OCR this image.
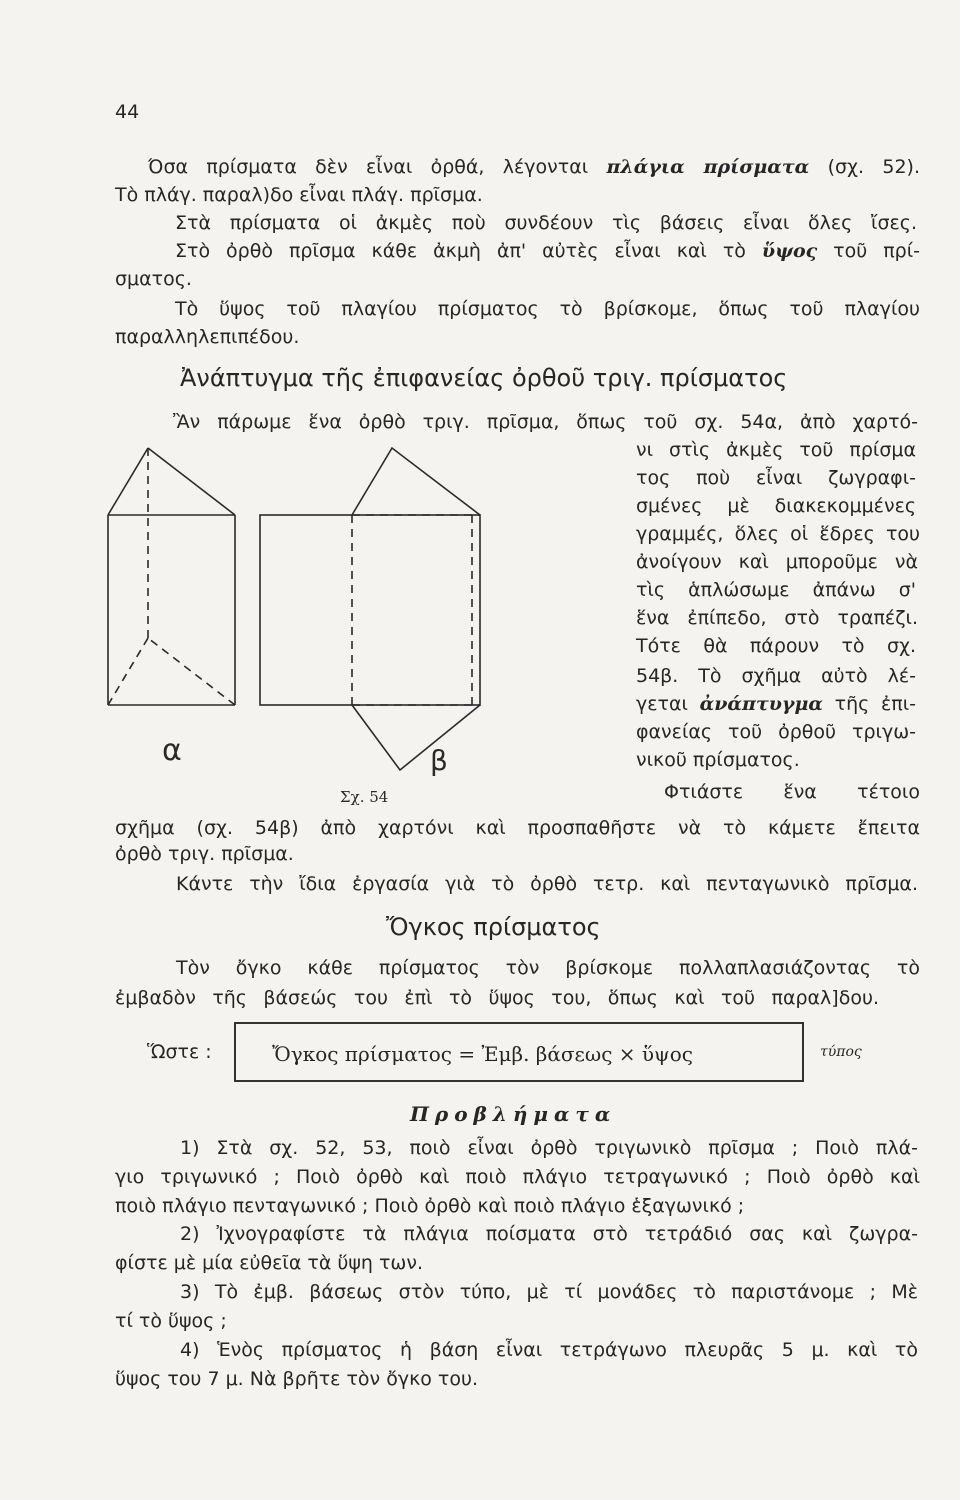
44
Όσα πρίσματα δὲν εἶναι ὀρθά, λέγονται πλάγια πρίσματα (σχ. 52).
Τὸ πλάγ. παραλ)δο εἶναι πλάγ. πρῖσμα.
Στὰ πρίσματα οἱ ἀκμὲς ποὺ συνδέουν τὶς βάσεις εἶναι ὅλες ἴσες.
Στὸ ὀρθὸ πρῖσμα κάθε ἀκμὴ ἀπ' αὐτὲς εἶναι καὶ τὸ ὕψος τοῦ πρί-
σματος.
Τὸ ὕψος τοῦ πλαγίου πρίσματος τὸ βρίσκομε, ὅπως τοῦ πλαγίου
παραλληλεπιπέδου.
Ἀνάπτυγμα τῆς ἐπιφανείας ὀρθοῦ τριγ. πρίσματος
Ἂν πάρωμε ἕνα ὀρθὸ τριγ. πρῖσμα, ὅπως τοῦ σχ. 54α, ἀπὸ χαρτό-
νι στὶς ἀκμὲς τοῦ πρίσμα
τος ποὺ εἶναι ζωγραφι-
σμένες μὲ διακεκομμένες
γραμμές, ὅλες οἱ ἕδρες του
ἀνοίγουν καὶ μποροῦμε νὰ
τὶς ἁπλώσωμε ἀπάνω σ'
ἕνα ἐπίπεδο, στὸ τραπέζι.
Τότε θὰ πάρουν τὸ σχ.
54β. Τὸ σχῆμα αὐτὸ λέ-
γεται ἀνάπτυγμα τῆς ἐπι-
φανείας τοῦ ὀρθοῦ τριγω-
νικοῦ πρίσματος.
Φτιάστε ἕνα τέτοιο
α	β
Σχ. 54
σχῆμα (σχ. 54β) ἀπὸ χαρτόνι καὶ προσπαθῆστε νὰ τὸ κάμετε ἔπειτα
ὀρθὸ τριγ. πρῖσμα.
Κάντε τὴν ἴδια ἐργασία γιὰ τὸ ὀρθὸ τετρ. καὶ πενταγωνικὸ πρῖσμα.
Ὄγκος πρίσματος
Τὸν ὄγκο κάθε πρίσματος τὸν βρίσκομε πολλαπλασιάζοντας τὸ
ἐμβαδὸν τῆς βάσεώς του ἐπὶ τὸ ὕψος του, ὅπως καὶ τοῦ παραλ]δου.
Ὥστε :	Ὄγκος πρίσματος = Ἐμβ. βάσεως × ὕψος	τύπος
Προβλήματα
1) Στὰ σχ. 52, 53, ποιὸ εἶναι ὀρθὸ τριγωνικὸ πρῖσμα ; Ποιὸ πλά-
γιο τριγωνικό ; Ποιὸ ὀρθὸ καὶ ποιὸ πλάγιο τετραγωνικό ; Ποιὸ ὀρθὸ καὶ
ποιὸ πλάγιο πενταγωνικό ; Ποιὸ ὀρθὸ καὶ ποιὸ πλάγιο ἑξαγωνικό ;
2) Ἰχνογραφίστε τὰ πλάγια ποίσματα στὸ τετράδιό σας καὶ ζωγρα-
φίστε μὲ μία εὐθεῖα τὰ ὕψη των.
3) Τὸ ἐμβ. βάσεως στὸν τύπο, μὲ τί μονάδες τὸ παριστάνομε ; Μὲ
τί τὸ ὕψος ;
4) Ἑνὸς πρίσματος ἡ βάση εἶναι τετράγωνο πλευρᾶς 5 μ. καὶ τὸ
ὕψος του 7 μ. Νὰ βρῆτε τὸν ὄγκο του.
